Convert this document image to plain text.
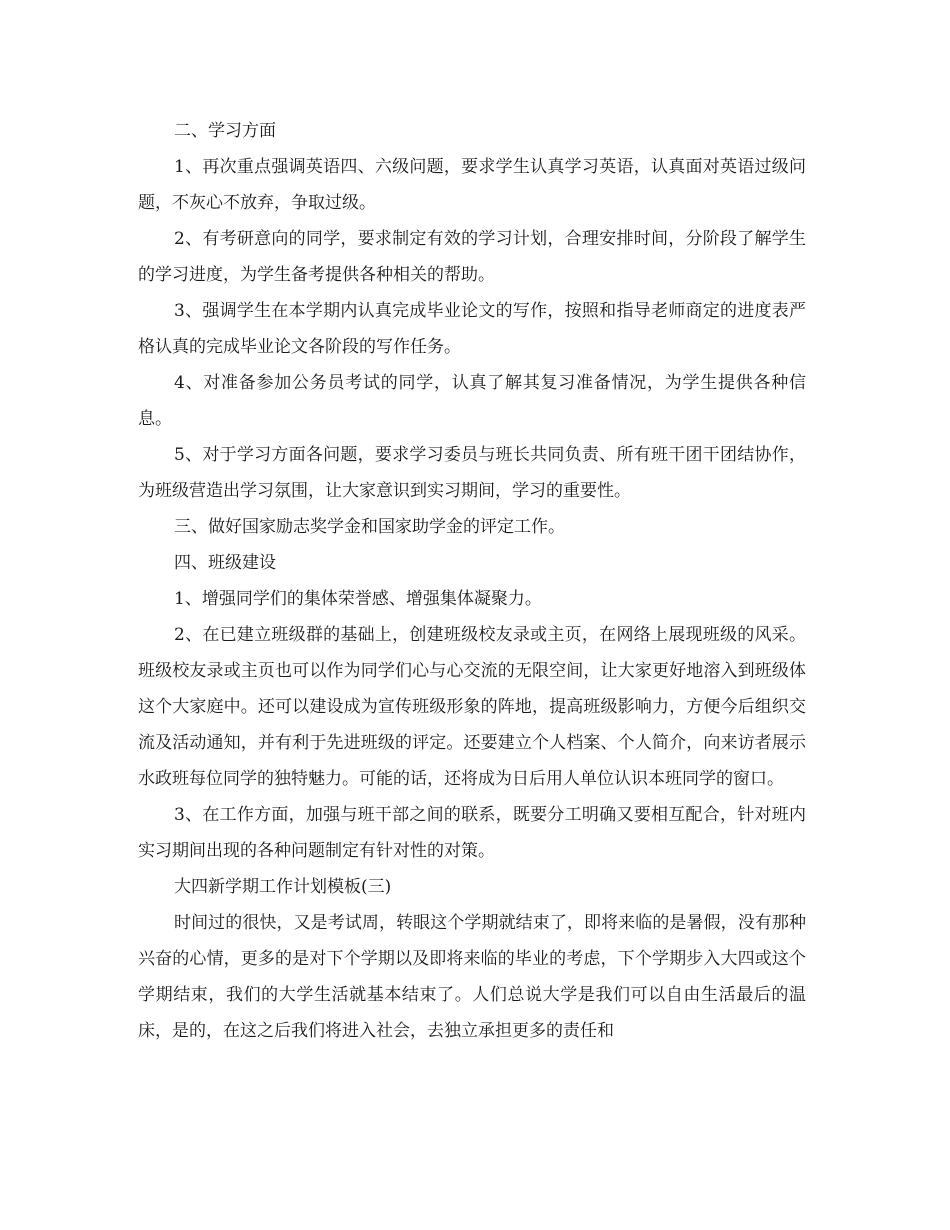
二、学习方面

1、再次重点强调英语四、六级问题，要求学生认真学习英语，认真面对英语过级问题，不灰心不放弃，争取过级。

2、有考研意向的同学，要求制定有效的学习计划，合理安排时间，分阶段了解学生的学习进度，为学生备考提供各种相关的帮助。

3、强调学生在本学期内认真完成毕业论文的写作，按照和指导老师商定的进度表严格认真的完成毕业论文各阶段的写作任务。

4、对准备参加公务员考试的同学，认真了解其复习准备情况，为学生提供各种信息。

5、对于学习方面各问题，要求学习委员与班长共同负责、所有班干团干团结协作，为班级营造出学习氛围，让大家意识到实习期间，学习的重要性。

三、做好国家励志奖学金和国家助学金的评定工作。

四、班级建设

1、增强同学们的集体荣誉感、增强集体凝聚力。

2、在已建立班级群的基础上，创建班级校友录或主页，在网络上展现班级的风采。班级校友录或主页也可以作为同学们心与心交流的无限空间，让大家更好地溶入到班级体这个大家庭中。还可以建设成为宣传班级形象的阵地，提高班级影响力，方便今后组织交流及活动通知，并有利于先进班级的评定。还要建立个人档案、个人简介，向来访者展示水政班每位同学的独特魅力。可能的话，还将成为日后用人单位认识本班同学的窗口。

3、在工作方面，加强与班干部之间的联系，既要分工明确又要相互配合，针对班内实习期间出现的各种问题制定有针对性的对策。

大四新学期工作计划模板(三)

时间过的很快，又是考试周，转眼这个学期就结束了，即将来临的是暑假，没有那种兴奋的心情，更多的是对下个学期以及即将来临的毕业的考虑，下个学期步入大四或这个学期结束，我们的大学生活就基本结束了。人们总说大学是我们可以自由生活最后的温床，是的，在这之后我们将进入社会，去独立承担更多的责任和
